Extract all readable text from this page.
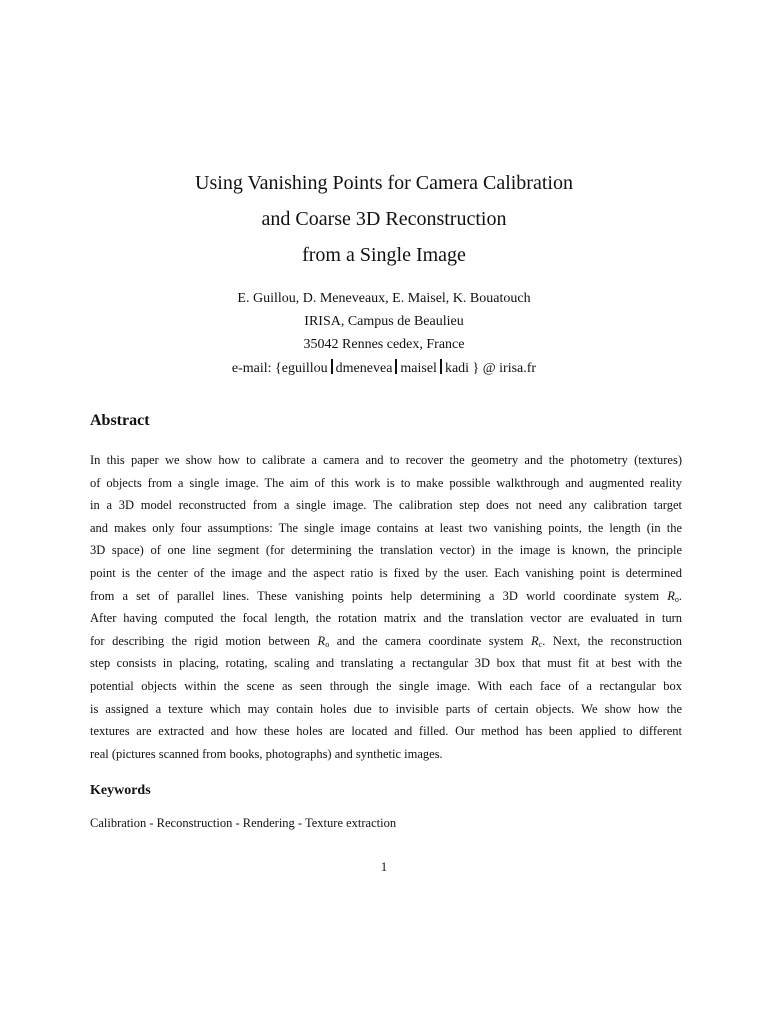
Using Vanishing Points for Camera Calibration
and Coarse 3D Reconstruction
from a Single Image
E. Guillou, D. Meneveaux, E. Maisel, K. Bouatouch
IRISA, Campus de Beaulieu
35042 Rennes cedex, France
e-mail: {eguillou dmenevea maisel kadi } @ irisa.fr
Abstract
In this paper we show how to calibrate a camera and to recover the geometry and the photometry (textures)
of objects from a single image. The aim of this work is to make possible walkthrough and augmented reality
in a 3D model reconstructed from a single image. The calibration step does not need any calibration target
and makes only four assumptions: The single image contains at least two vanishing points, the length (in the
3D space) of one line segment (for determining the translation vector) in the image is known, the principle
point is the center of the image and the aspect ratio is fixed by the user. Each vanishing point is determined
from a set of parallel lines. These vanishing points help determining a 3D world coordinate system $R_o$.
After having computed the focal length, the rotation matrix and the translation vector are evaluated in turn
for describing the rigid motion between $R_o$ and the camera coordinate system $R_c$. Next, the reconstruction
step consists in placing, rotating, scaling and translating a rectangular 3D box that must fit at best with the
potential objects within the scene as seen through the single image. With each face of a rectangular box
is assigned a texture which may contain holes due to invisible parts of certain objects. We show how the
textures are extracted and how these holes are located and filled. Our method has been applied to different
real (pictures scanned from books, photographs) and synthetic images.
Keywords

Calibration - Reconstruction - Rendering - Texture extraction

1
